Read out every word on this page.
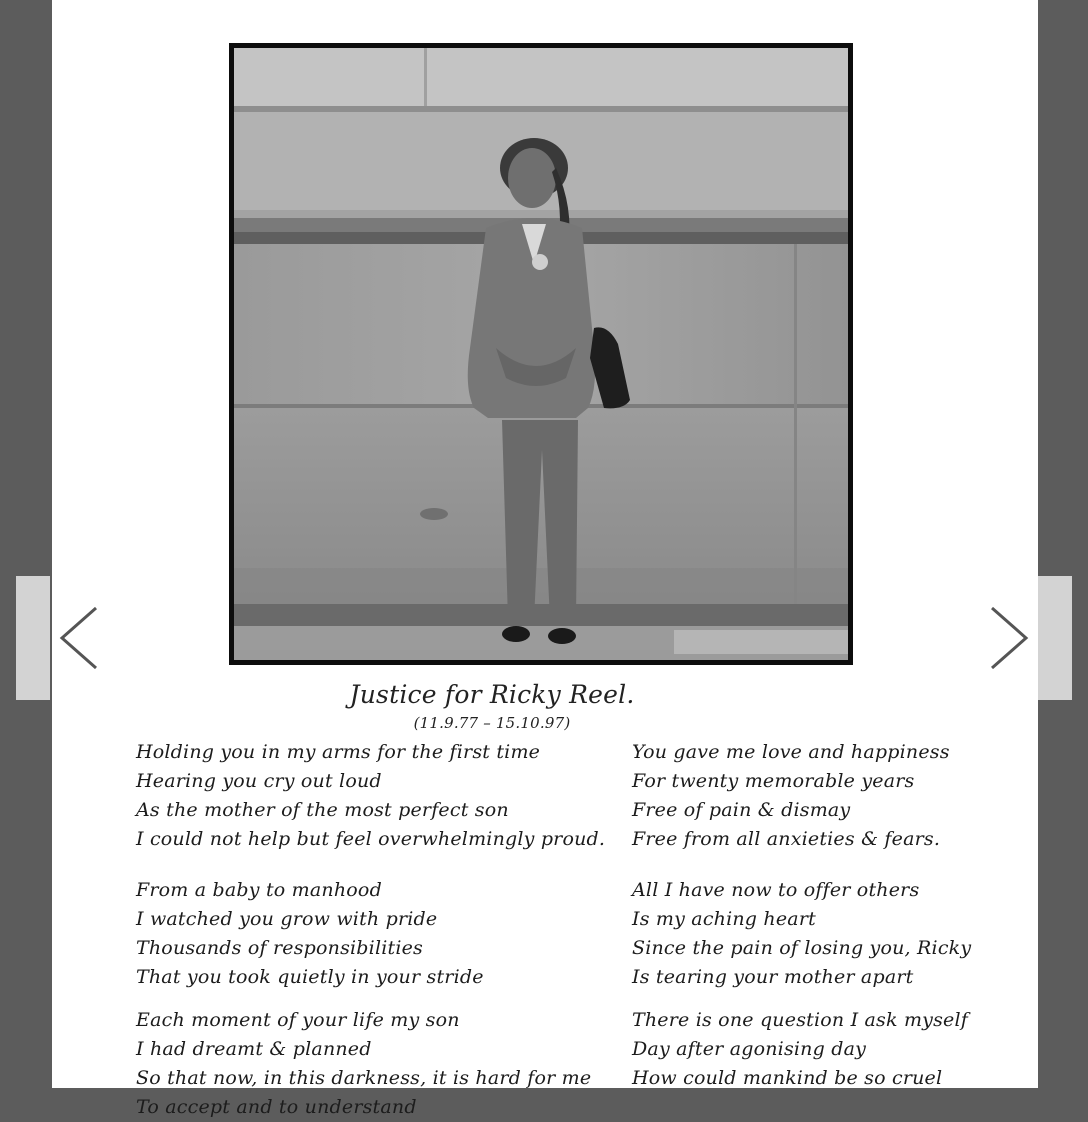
Justice for Ricky Reel.
(11.9.77 – 15.10.97)
Holding you in my arms for the first time
Hearing you cry out loud
As the mother of the most perfect son
I could not help but feel overwhelmingly proud.
From a baby to manhood
I watched you grow with pride
Thousands of responsibilities
That you took quietly in your stride
Each moment of your life my son
I had dreamt & planned
So that now, in this darkness, it is hard for me
To accept and to understand
You gave me love and happiness
For twenty memorable years
Free of pain & dismay
Free from all anxieties & fears.
All I have now to offer others
Is my aching heart
Since the pain of losing you, Ricky
Is tearing your mother apart
There is one question I ask myself
Day after agonising day
How could mankind be so cruel
